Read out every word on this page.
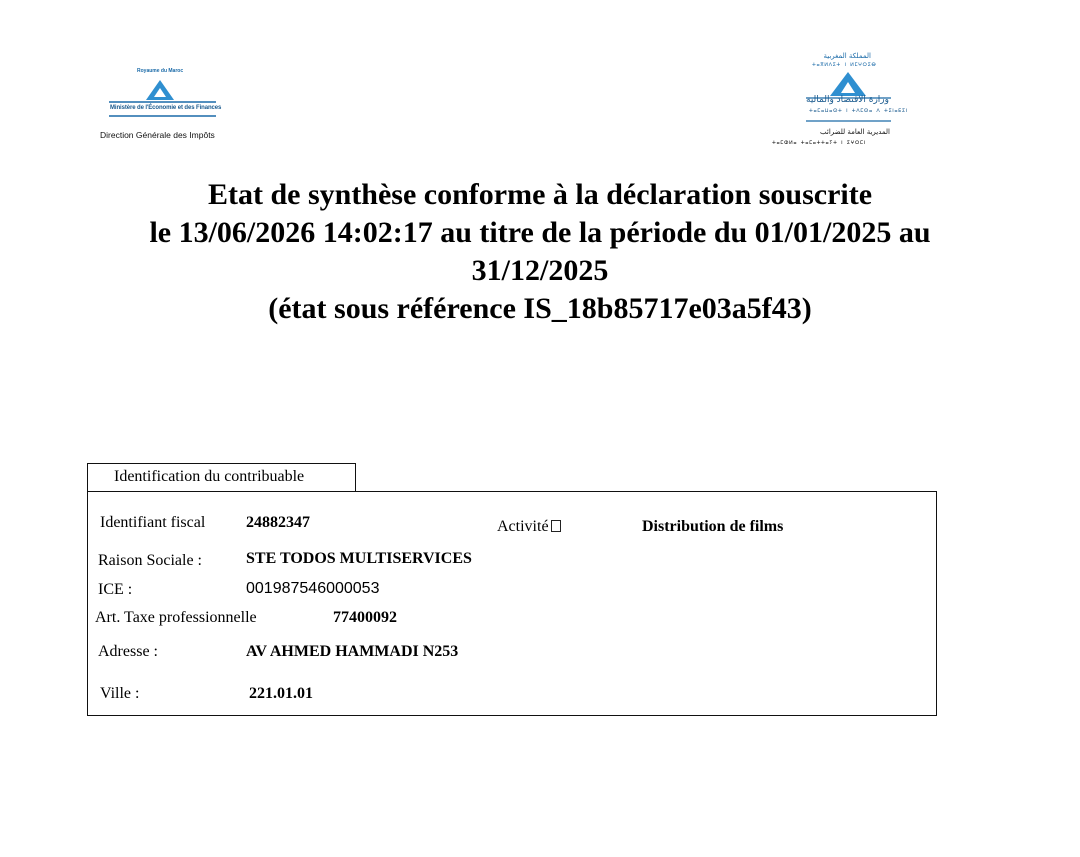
Royaume du Maroc
Ministère de l'Économie et des Finances
Direction Générale des Impôts
المملكة المغربية
ⵜⴰⴳⵍⴷⵉⵜ ⵏ ⵍⵎⵖⵔⵉⴱ
وزارة الاقتصاد والمالية
ⵜⴰⵎⴰⵡⴰⵙⵜ ⵏ ⵜⴷⵎⵙⴰ ⴷ ⵜⵉⵏⴰⴹⵉⵏ
المديرية العامة للضرائب
ⵜⴰⵎⵀⵍⴰ ⵜⴰⵎⴰⵜⵜⴰⵢⵜ ⵏ ⵉⵖⵔⵎⵏ
Etat de synthèse conforme à la déclaration souscrite
le 13/06/2026 14:02:17 au titre de la période du 01/01/2025 au
31/12/2025
(état sous référence IS_18b85717e03a5f43)
Identification du contribuable
Identifiant fiscal	24882347	Activité	Distribution de films
Raison Sociale :	STE TODOS MULTISERVICES
ICE :	001987546000053
Art. Taxe professionnelle	77400092
Adresse :	AV AHMED HAMMADI N253
Ville :	221.01.01
